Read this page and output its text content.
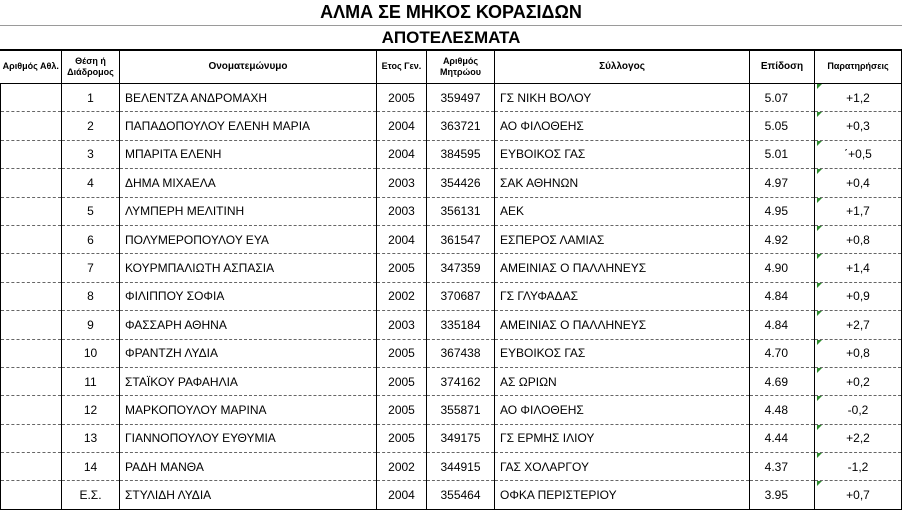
ΑΛΜΑ ΣΕ ΜΗΚΟΣ ΚΟΡΑΣΙΔΩΝ
ΑΠΟΤΕΛΕΣΜΑΤΑ
Αριθμός Αθλ.	Θέση ή Διάδρομος	Ονοματεμώνυμο	Ετος Γεν.	Αριθμός Μητρώου	Σύλλογος	Επίδοση	Παρατηρήσεις
	1	ΒΕΛΕΝΤΖΑ ΑΝΔΡΟΜΑΧΗ	2005	359497	ΓΣ ΝΙΚΗ ΒΟΛΟΥ	5.07	+1,2
	2	ΠΑΠΑΔΟΠΟΥΛΟΥ ΕΛΕΝΗ ΜΑΡΙΑ	2004	363721	ΑΟ ΦΙΛΟΘΕΗΣ	5.05	+0,3
	3	ΜΠΑΡΙΤΑ ΕΛΕΝΗ	2004	384595	ΕΥΒΟΙΚΟΣ ΓΑΣ	5.01	΄+0,5
	4	ΔΗΜΑ ΜΙΧΑΕΛΑ	2003	354426	ΣΑΚ ΑΘΗΝΩΝ	4.97	+0,4
	5	ΛΥΜΠΕΡΗ ΜΕΛΙΤΙΝΗ	2003	356131	ΑΕΚ	4.95	+1,7
	6	ΠΟΛΥΜΕΡΟΠΟΥΛΟΥ ΕΥΑ	2004	361547	ΕΣΠΕΡΟΣ ΛΑΜΙΑΣ	4.92	+0,8
	7	ΚΟΥΡΜΠΑΛΙΩΤΗ ΑΣΠΑΣΙΑ	2005	347359	ΑΜΕΙΝΙΑΣ Ο ΠΑΛΛΗΝΕΥΣ	4.90	+1,4
	8	ΦΙΛΙΠΠΟΥ ΣΟΦΙΑ	2002	370687	ΓΣ ΓΛΥΦΑΔΑΣ	4.84	+0,9
	9	ΦΑΣΣΑΡΗ ΑΘΗΝΑ	2003	335184	ΑΜΕΙΝΙΑΣ Ο ΠΑΛΛΗΝΕΥΣ	4.84	+2,7
	10	ΦΡΑΝΤΖΗ ΛΥΔΙΑ	2005	367438	ΕΥΒΟΙΚΟΣ ΓΑΣ	4.70	+0,8
	11	ΣΤΑΪΚΟΥ ΡΑΦΑΗΛΙΑ	2005	374162	ΑΣ ΩΡΙΩΝ	4.69	+0,2
	12	ΜΑΡΚΟΠΟΥΛΟΥ ΜΑΡΙΝΑ	2005	355871	ΑΟ ΦΙΛΟΘΕΗΣ	4.48	-0,2
	13	ΓΙΑΝΝΟΠΟΥΛΟΥ ΕΥΘΥΜΙΑ	2005	349175	ΓΣ ΕΡΜΗΣ ΙΛΙΟΥ	4.44	+2,2
	14	ΡΑΔΗ ΜΑΝΘΑ	2002	344915	ΓΑΣ ΧΟΛΑΡΓΟΥ	4.37	-1,2
	Ε.Σ.	ΣΤΥΛΙΔΗ ΛΥΔΙΑ	2004	355464	ΟΦΚΑ ΠΕΡΙΣΤΕΡΙΟΥ	3.95	+0,7
